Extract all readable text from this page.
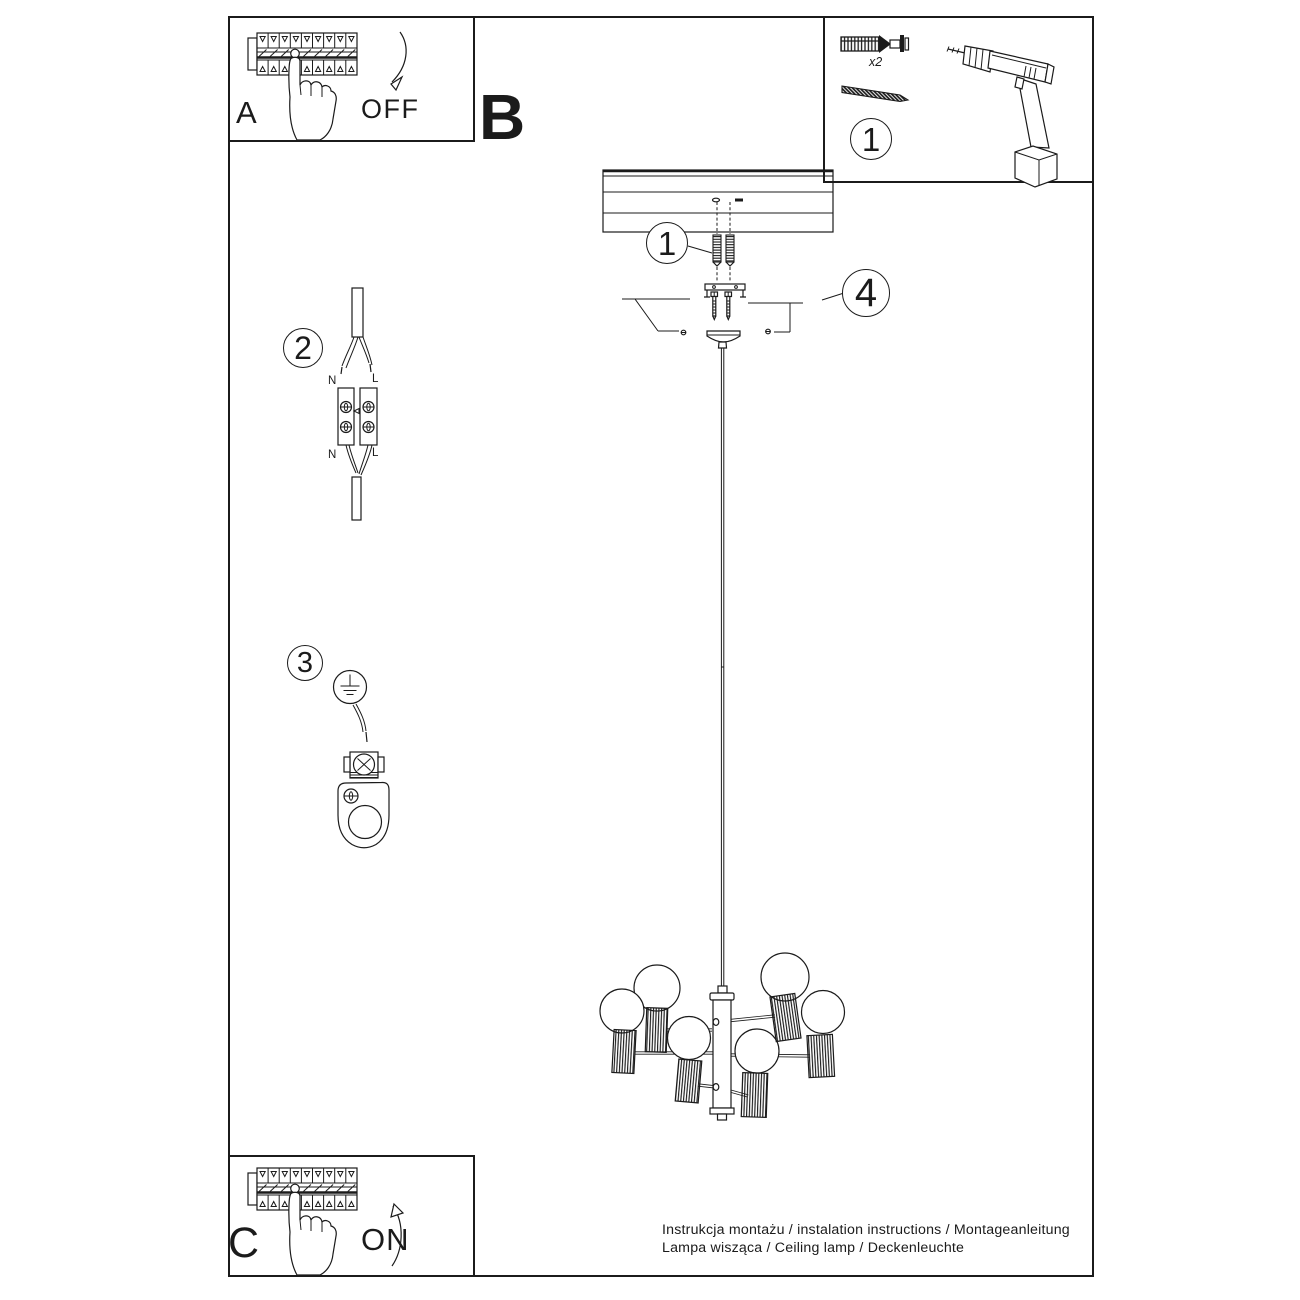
A	OFF B
x2
1
1
4
2
N	L
N	L
3
C	ON	Instrukcja montażu / instalation instructions / Montageanleitung
Lampa wisząca / Ceiling lamp / Deckenleuchte
